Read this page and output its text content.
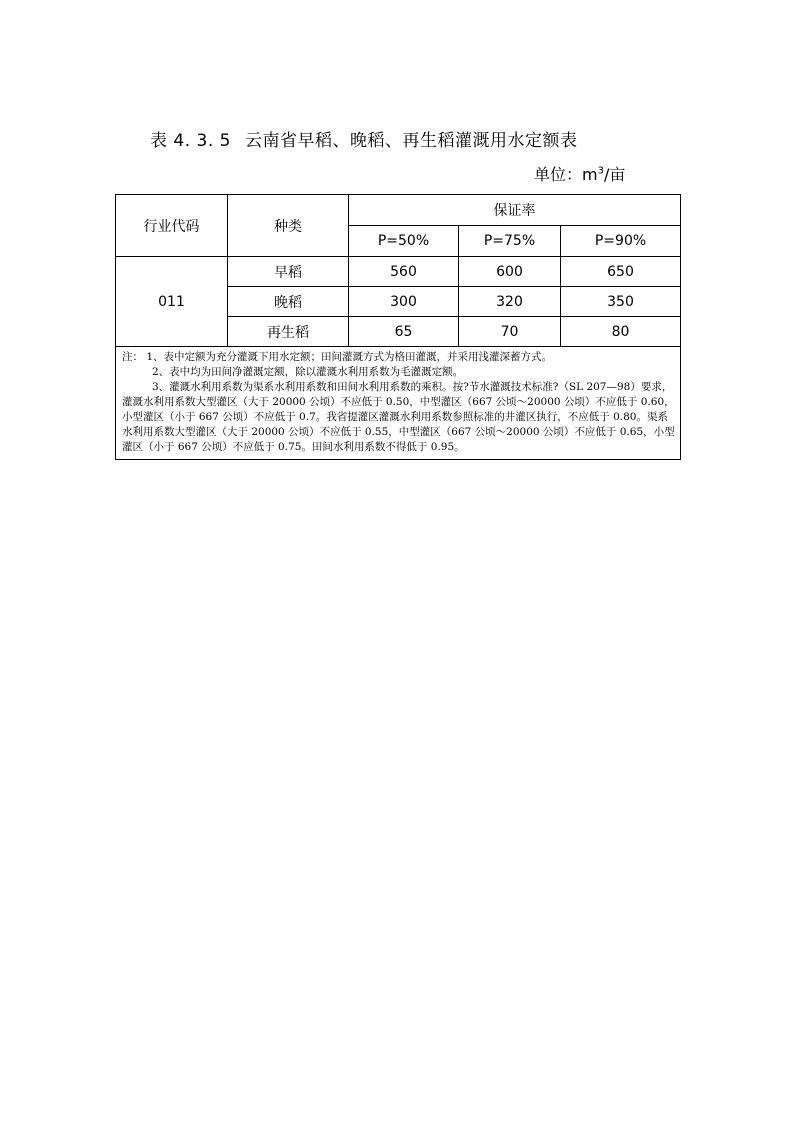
表 4. 3. 5 云南省早稻、晚稻、再生稻灌溉用水定额表
单位：$m^3/$亩
行业代码	种类	保证率		
		P=50%	P=75%	P=90%
011	早稻	560	600	650
	晚稻	300	320	350
	再生稻	65	70	80

注： 1、表中定额为充分灌溉下用水定额；田间灌溉方式为格田灌溉，并采用浅灌深蓄方式。
2、表中均为田间净灌溉定额，除以灌溉水利用系数为毛灌溉定额。
3、灌溉水利用系数为渠系水利用系数和田间水利用系数的乘积。按?节水灌溉技术标准?（SL 207—98）要求，灌溉水利用系数大型灌区（大于 20000 公顷）不应低于 0.50，中型灌区（667 公顷～20000 公顷）不应低于 0.60，小型灌区（小于 667 公顷）不应低于 0.7。我省提灌区灌溉水利用系数参照标准的井灌区执行，不应低于 0.80。渠系水利用系数大型灌区（大于 20000 公顷）不应低于 0.55，中型灌区（667 公顷～20000 公顷）不应低于 0.65，小型灌区（小于 667 公顷）不应低于 0.75。田间水利用系数不得低于 0.95。				
